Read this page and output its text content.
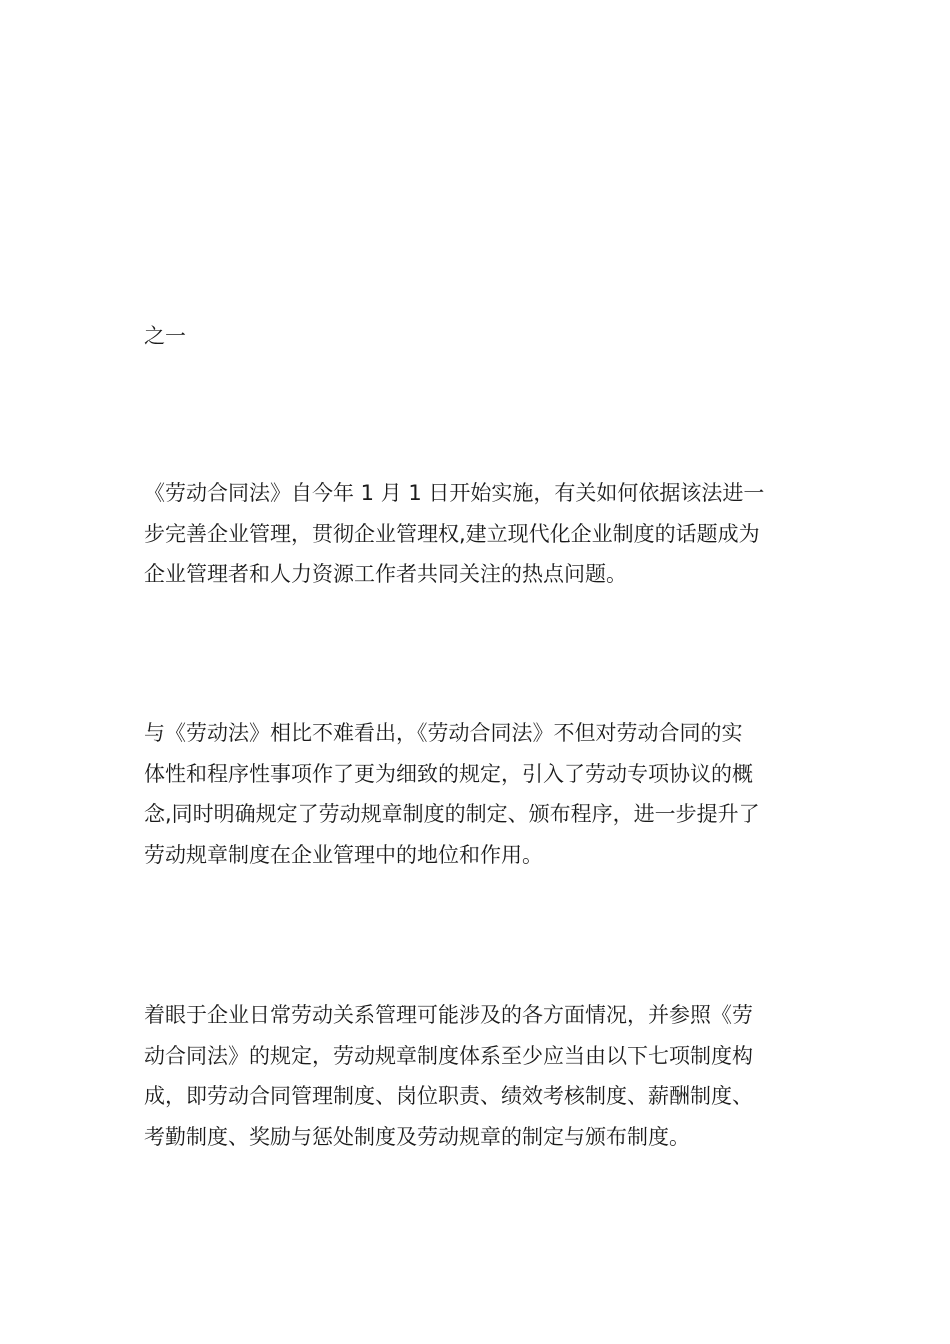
之一

《劳动合同法》自今年 1 月 1 日开始实施，有关如何依据该法进一
步完善企业管理，贯彻企业管理权,建立现代化企业制度的话题成为
企业管理者和人力资源工作者共同关注的热点问题。

与《劳动法》相比不难看出，《劳动合同法》不但对劳动合同的实
体性和程序性事项作了更为细致的规定，引入了劳动专项协议的概
念,同时明确规定了劳动规章制度的制定、颁布程序，进一步提升了
劳动规章制度在企业管理中的地位和作用。

着眼于企业日常劳动关系管理可能涉及的各方面情况，并参照《劳
动合同法》的规定，劳动规章制度体系至少应当由以下七项制度构
成，即劳动合同管理制度、岗位职责、绩效考核制度、薪酬制度、
考勤制度、奖励与惩处制度及劳动规章的制定与颁布制度。
